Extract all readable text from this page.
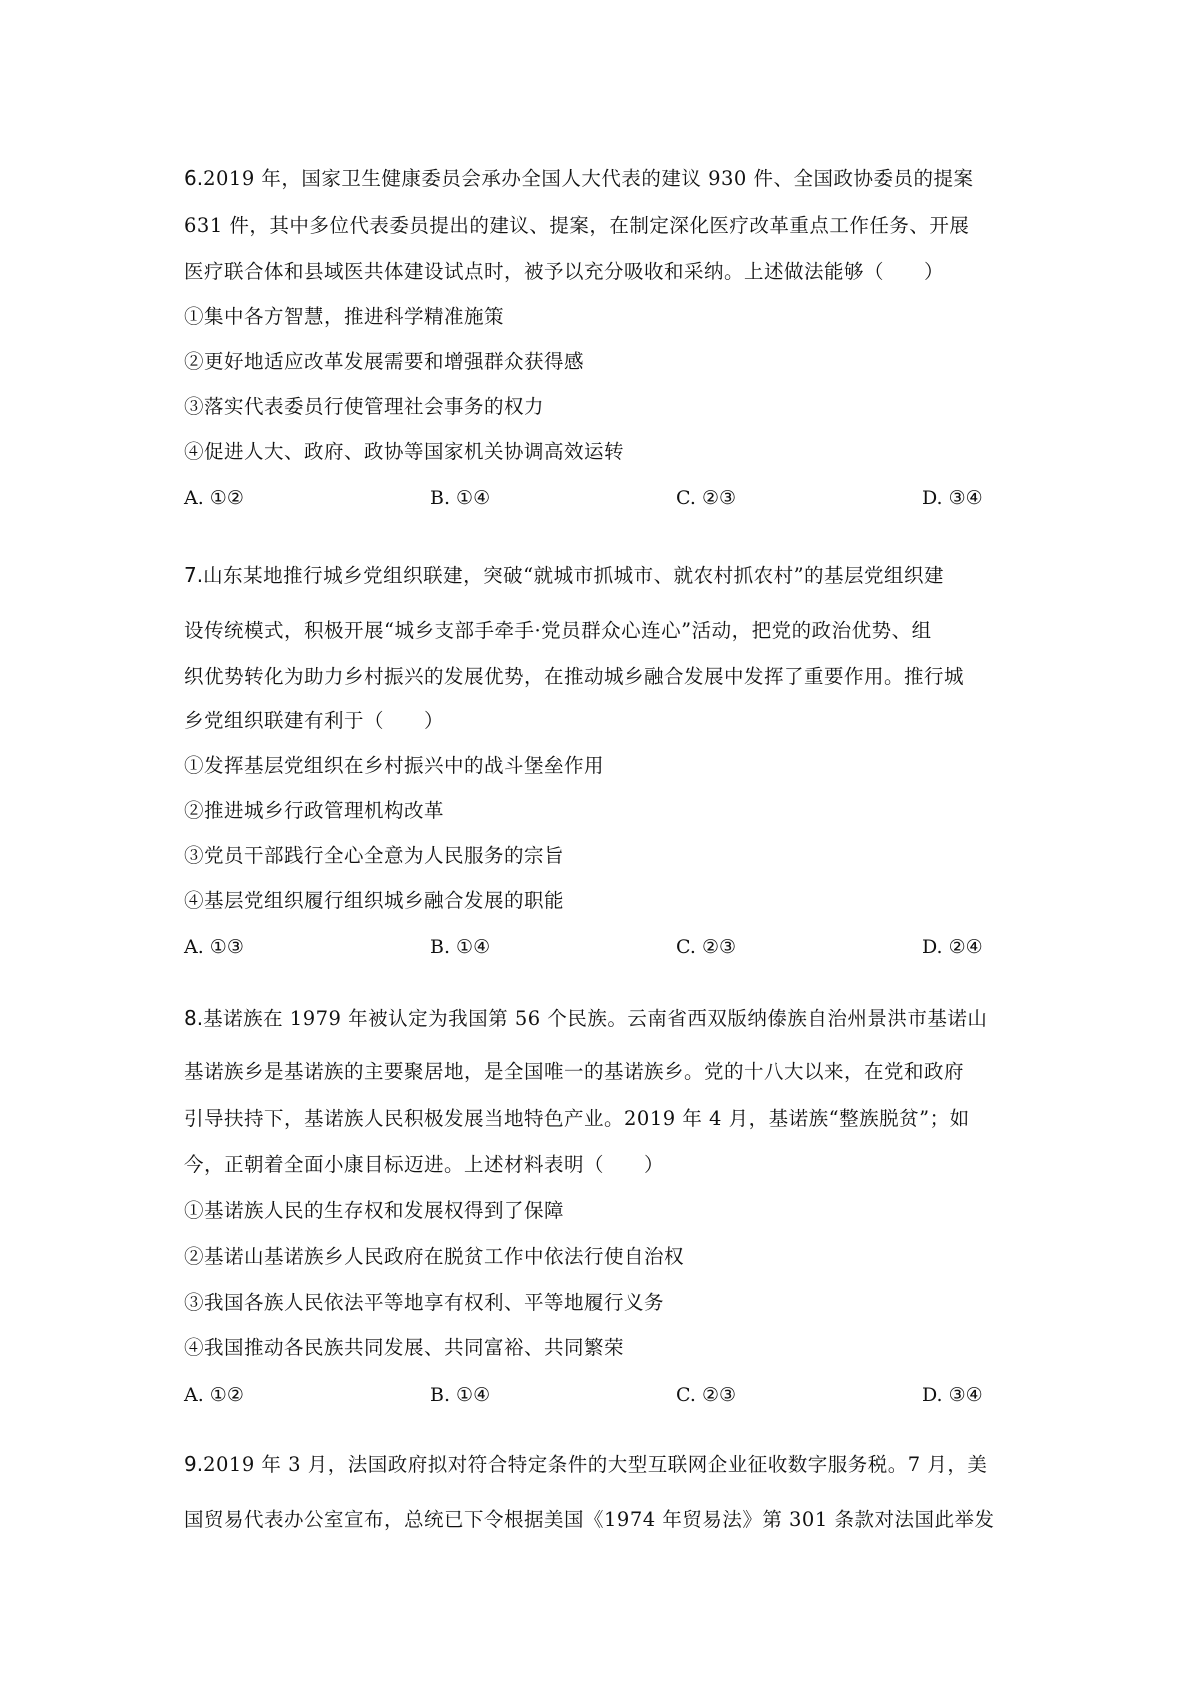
6.2019 年，国家卫生健康委员会承办全国人大代表的建议 930 件、全国政协委员的提案
631 件，其中多位代表委员提出的建议、提案，在制定深化医疗改革重点工作任务、开展
医疗联合体和县域医共体建设试点时，被予以充分吸收和采纳。上述做法能够（　　）
①集中各方智慧，推进科学精准施策
②更好地适应改革发展需要和增强群众获得感
③落实代表委员行使管理社会事务的权力
④促进人大、政府、政协等国家机关协调高效运转
A. ①②	B. ①④	C. ②③	D. ③④
7.山东某地推行城乡党组织联建，突破“就城市抓城市、就农村抓农村”的基层党组织建
设传统模式，积极开展“城乡支部手牵手·党员群众心连心”活动，把党的政治优势、组
织优势转化为助力乡村振兴的发展优势，在推动城乡融合发展中发挥了重要作用。推行城
乡党组织联建有利于（　　）
①发挥基层党组织在乡村振兴中的战斗堡垒作用
②推进城乡行政管理机构改革
③党员干部践行全心全意为人民服务的宗旨
④基层党组织履行组织城乡融合发展的职能
A. ①③	B. ①④	C. ②③	D. ②④
8.基诺族在 1979 年被认定为我国第 56 个民族。云南省西双版纳傣族自治州景洪市基诺山
基诺族乡是基诺族的主要聚居地，是全国唯一的基诺族乡。党的十八大以来，在党和政府
引导扶持下，基诺族人民积极发展当地特色产业。2019 年 4 月，基诺族“整族脱贫”；如
今，正朝着全面小康目标迈进。上述材料表明（　　）
①基诺族人民的生存权和发展权得到了保障
②基诺山基诺族乡人民政府在脱贫工作中依法行使自治权
③我国各族人民依法平等地享有权利、平等地履行义务
④我国推动各民族共同发展、共同富裕、共同繁荣
A. ①②	B. ①④	C. ②③	D. ③④
9.2019 年 3 月，法国政府拟对符合特定条件的大型互联网企业征收数字服务税。7 月，美
国贸易代表办公室宣布，总统已下令根据美国《1974 年贸易法》第 301 条款对法国此举发
